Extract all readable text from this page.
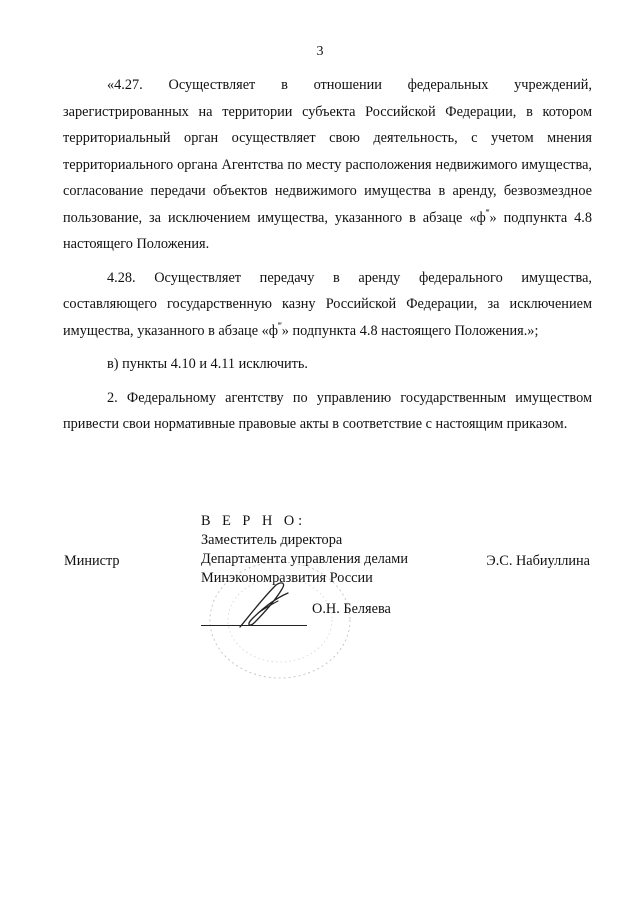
3

«4.27. Осуществляет в отношении федеральных учреждений, зарегистрированных на территории субъекта Российской Федерации, в котором территориальный орган осуществляет свою деятельность, с учетом мнения территориального органа Агентства по месту расположения недвижимого имущества, согласование передачи объектов недвижимого имущества в аренду, безвозмездное пользование, за исключением имущества, указанного в абзаце «ф‴» подпункта 4.8 настоящего Положения.

4.28. Осуществляет передачу в аренду федерального имущества, составляющего государственную казну Российской Федерации, за исключением имущества, указанного в абзаце «ф‴» подпункта 4.8 настоящего Положения.»;

в) пункты 4.10 и 4.11 исключить.

2. Федеральному агентству по управлению государственным имуществом привести свои нормативные правовые акты в соответствие с настоящим приказом.

Министр	Э.С. Набиуллина
В Е Р Н О:
Заместитель директора
Департамента управления делами
Минэкономразвития России
О.Н. Беляева
